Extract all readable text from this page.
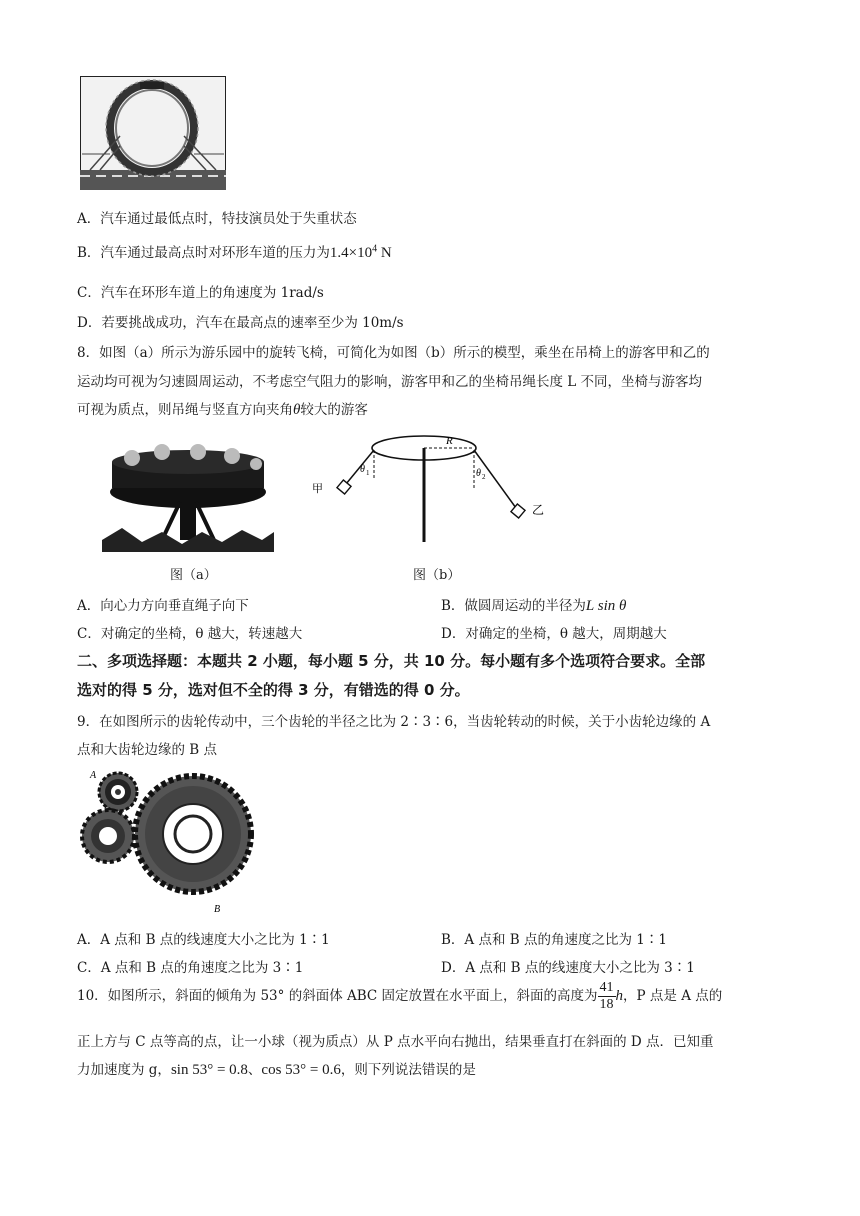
A．汽车通过最低点时，特技演员处于失重状态
B．汽车通过最高点时对环形车道的压力为$1.4\times 10^4$ N
C．汽车在环形车道上的角速度为 1rad/s
D．若要挑战成功，汽车在最高点的速率至少为 10m/s
8．如图（a）所示为游乐园中的旋转飞椅，可简化为如图（b）所示的模型，乘坐在吊椅上的游客甲和乙的
运动均可视为匀速圆周运动，不考虑空气阻力的影响，游客甲和乙的坐椅吊绳长度 L 不同，坐椅与游客均
可视为质点，则吊绳与竖直方向夹角θ较大的游客
R
θ 1	θ 2
甲
乙
图（a）	图（b）
A．向心力方向垂直绳子向下	B．做圆周运动的半径为L sin θ
C．对确定的坐椅，θ 越大，转速越大	D．对确定的坐椅，θ 越大，周期越大
二、多项选择题：本题共 2 小题，每小题 5 分，共 10 分。每小题有多个选项符合要求。全部
选对的得 5 分，选对但不全的得 3 分，有错选的得 0 分。
9．在如图所示的齿轮传动中，三个齿轮的半径之比为 2∶3∶6，当齿轮转动的时候，关于小齿轮边缘的 A
点和大齿轮边缘的 B 点
A
B
A．A 点和 B 点的线速度大小之比为 1∶1	B．A 点和 B 点的角速度之比为 1∶1
C．A 点和 B 点的角速度之比为 3∶1	D．A 点和 B 点的线速度大小之比为 3∶1
10．如图所示，斜面的倾角为 53° 的斜面体 ABC 固定放置在水平面上，斜面的高度为 $\frac{41}{18}$ h，P 点是 A 点的
正上方与 C 点等高的点，让一小球（视为质点）从 P 点水平向右抛出，结果垂直打在斜面的 D 点．已知重
力加速度为 g，sin 53° = 0.8、cos 53° = 0.6，则下列说法错误的是
